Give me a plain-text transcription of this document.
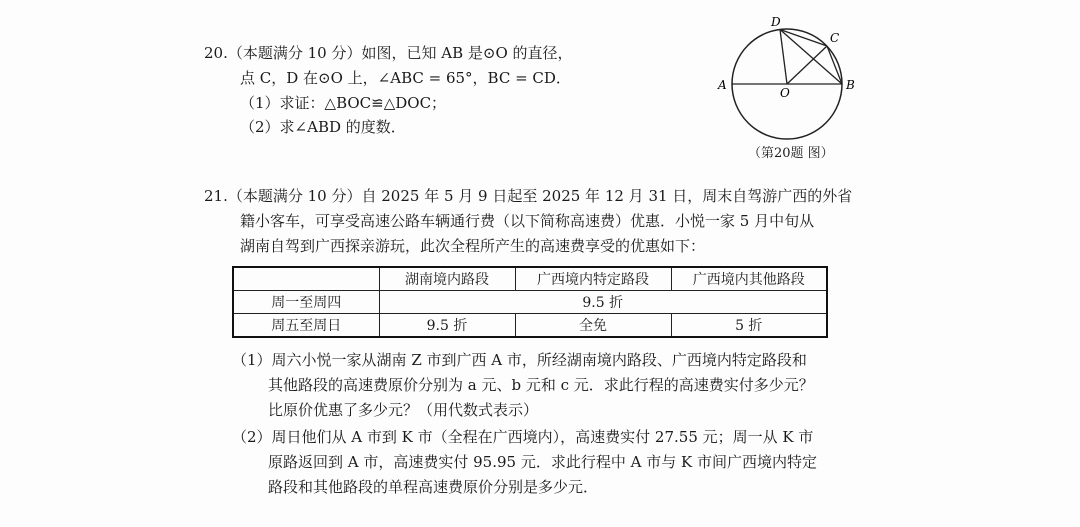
20.（本题满分 10 分）如图，已知 AB 是⊙O 的直径，
点 C，D 在⊙O 上，∠ABC = 65°，BC = CD．
（1）求证：△BOC≌△DOC；
（2）求∠ABD 的度数．
A	B
C
D
O
（第20题 图）
21.（本题满分 10 分）自 2025 年 5 月 9 日起至 2025 年 12 月 31 日，周末自驾游广西的外省
籍小客车，可享受高速公路车辆通行费（以下简称高速费）优惠．小悦一家 5 月中旬从
湖南自驾到广西探亲游玩，此次全程所产生的高速费享受的优惠如下：
	湖南境内路段	广西境内特定路段	广西境内其他路段
周一至周四	9.5 折		
周五至周日	9.5 折	全免	5 折
（1）周六小悦一家从湖南 Z 市到广西 A 市，所经湖南境内路段、广西境内特定路段和
其他路段的高速费原价分别为 a 元、b 元和 c 元．求此行程的高速费实付多少元？
比原价优惠了多少元？（用代数式表示）
（2）周日他们从 A 市到 K 市（全程在广西境内），高速费实付 27.55 元；周一从 K 市
原路返回到 A 市，高速费实付 95.95 元．求此行程中 A 市与 K 市间广西境内特定
路段和其他路段的单程高速费原价分别是多少元．
